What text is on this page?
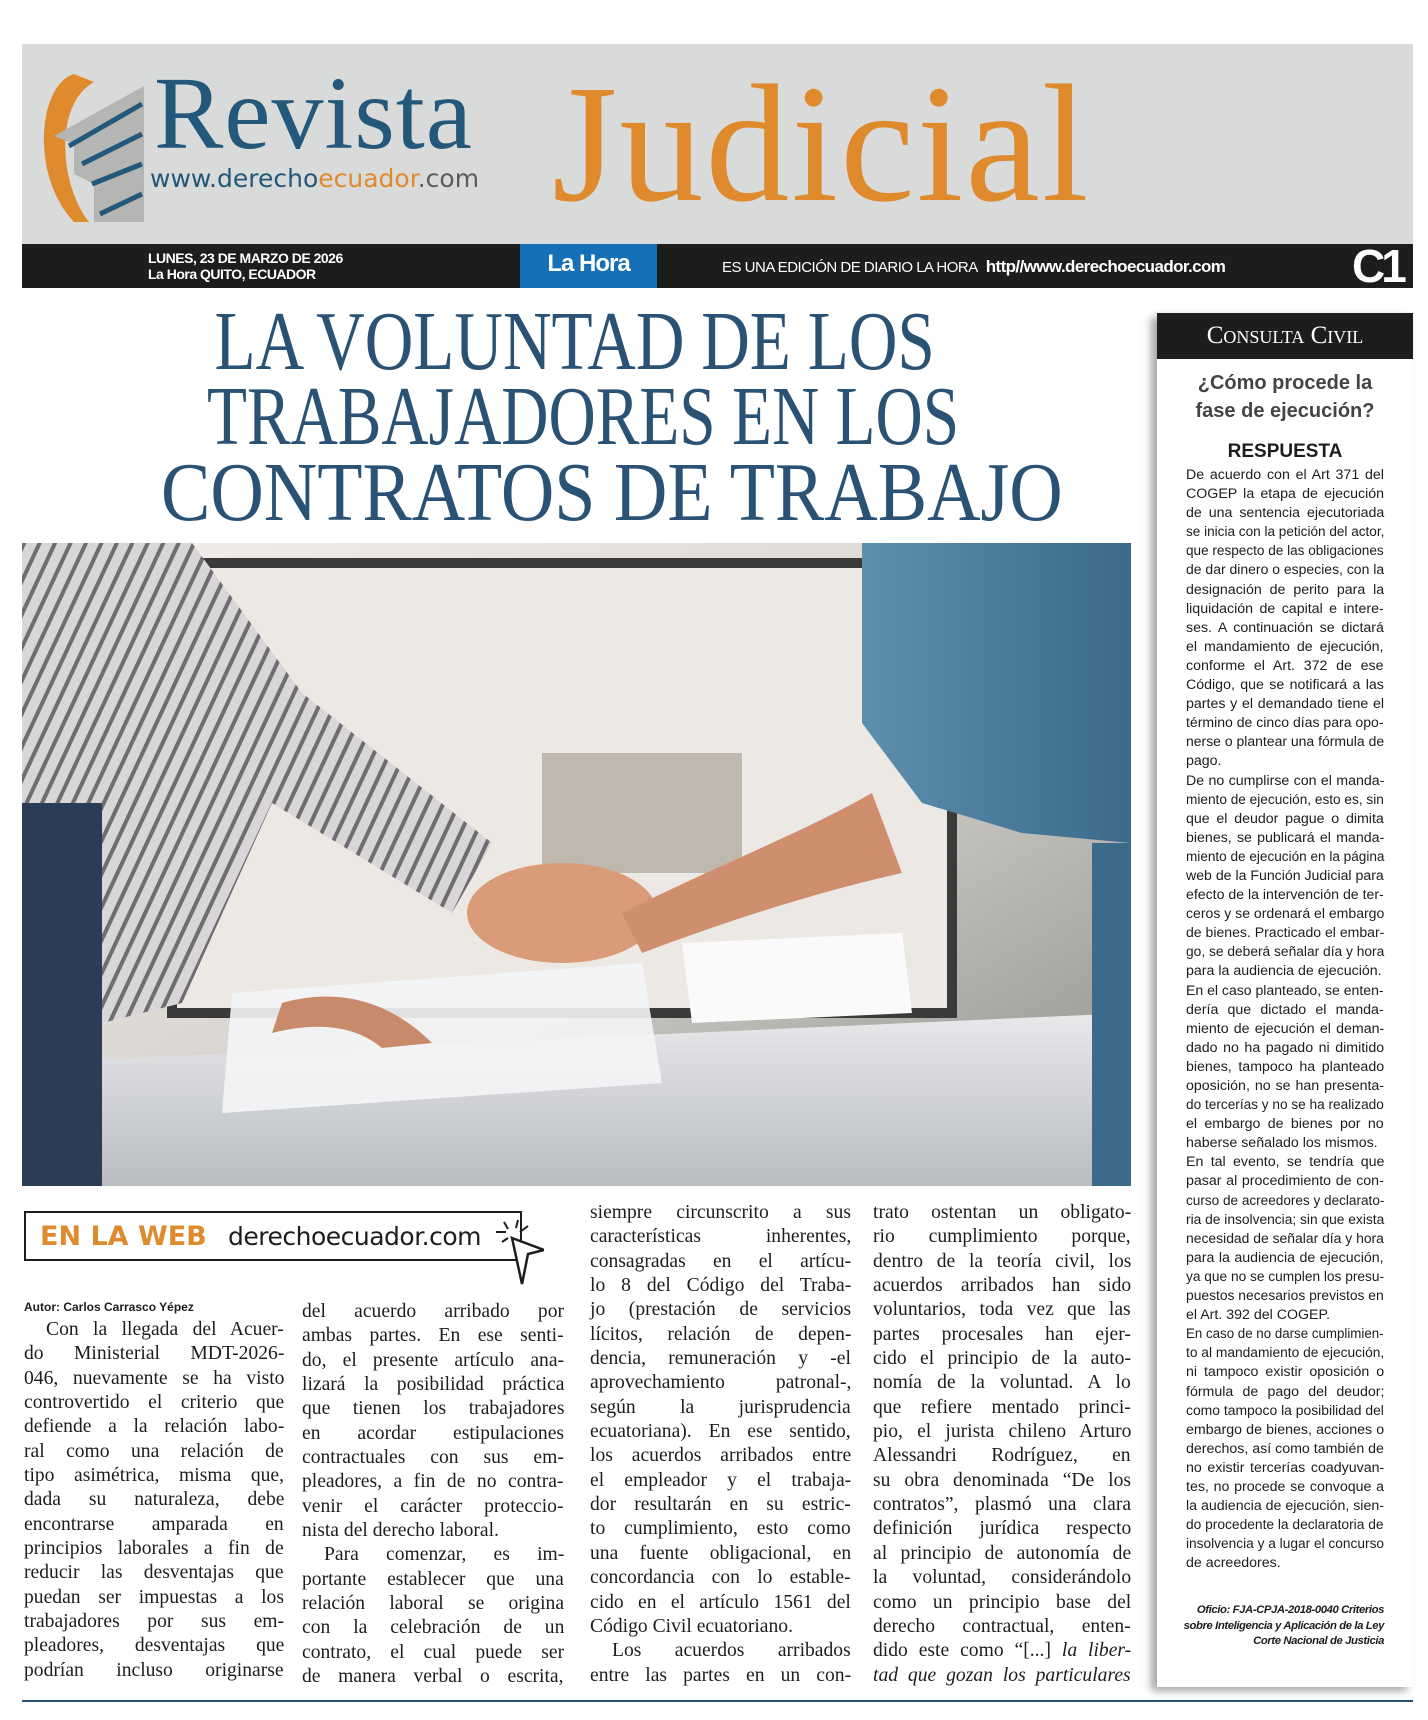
Revista
www.derechoecuador.com Judicial
LUNES, 23 DE MARZO DE 2026
La Hora QUITO, ECUADOR	La Hora	ES UNA EDICIÓN DE DIARIO LA HORA http//www.derechoecuador.com	C1
LA VOLUNTAD DE LOS
TRABAJADORES EN LOS
CONTRATOS DE TRABAJO
EN LA WEB derechoecuador.com
Autor: Carlos Carrasco Yépez
Con la llegada del Acuer-
do Ministerial MDT-2026-
046, nuevamente se ha visto
controvertido el criterio que
defiende a la relación labo-
ral como una relación de
tipo asimétrica, misma que,
dada su naturaleza, debe
encontrarse amparada en
principios laborales a fin de
reducir las desventajas que
puedan ser impuestas a los
trabajadores por sus em-
pleadores, desventajas que
podrían incluso originarse
del acuerdo arribado por
ambas partes. En ese senti-
do, el presente artículo ana-
lizará la posibilidad práctica
que tienen los trabajadores
en acordar estipulaciones
contractuales con sus em-
pleadores, a fin de no contra-
venir el carácter proteccio-
nista del derecho laboral.
Para comenzar, es im-
portante establecer que una
relación laboral se origina
con la celebración de un
contrato, el cual puede ser
de manera verbal o escrita,
siempre circunscrito a sus
características inherentes,
consagradas en el artícu-
lo 8 del Código del Traba-
jo (prestación de servicios
lícitos, relación de depen-
dencia, remuneración y -el
aprovechamiento patronal-,
según la jurisprudencia
ecuatoriana). En ese sentido,
los acuerdos arribados entre
el empleador y el trabaja-
dor resultarán en su estric-
to cumplimiento, esto como
una fuente obligacional, en
concordancia con lo estable-
cido en el artículo 1561 del
Código Civil ecuatoriano.
Los acuerdos arribados
entre las partes en un con-
trato ostentan un obligato-
rio cumplimiento porque,
dentro de la teoría civil, los
acuerdos arribados han sido
voluntarios, toda vez que las
partes procesales han ejer-
cido el principio de la auto-
nomía de la voluntad. A lo
que refiere mentado princi-
pio, el jurista chileno Arturo
Alessandri Rodríguez, en
su obra denominada “De los
contratos”, plasmó una clara
definición jurídica respecto
al principio de autonomía de
la voluntad, considerándolo
como un principio base del
derecho contractual, enten-
dido este como “[...] la liber-
tad que gozan los particulares
Consulta Civil
¿Cómo procede la
fase de ejecución?
RESPUESTA
De acuerdo con el Art 371 del
COGEP la etapa de ejecución
de una sentencia ejecutoriada
se inicia con la petición del actor,
que respecto de las obligaciones
de dar dinero o especies, con la
designación de perito para la
liquidación de capital e intere-
ses. A continuación se dictará
el mandamiento de ejecución,
conforme el Art. 372 de ese
Código, que se notificará a las
partes y el demandado tiene el
término de cinco días para opo-
nerse o plantear una fórmula de
pago.
De no cumplirse con el manda-
miento de ejecución, esto es, sin
que el deudor pague o dimita
bienes, se publicará el manda-
miento de ejecución en la página
web de la Función Judicial para
efecto de la intervención de ter-
ceros y se ordenará el embargo
de bienes. Practicado el embar-
go, se deberá señalar día y hora
para la audiencia de ejecución.
En el caso planteado, se enten-
dería que dictado el manda-
miento de ejecución el deman-
dado no ha pagado ni dimitido
bienes, tampoco ha planteado
oposición, no se han presenta-
do tercerías y no se ha realizado
el embargo de bienes por no
haberse señalado los mismos.
En tal evento, se tendría que
pasar al procedimiento de con-
curso de acreedores y declarato-
ria de insolvencia; sin que exista
necesidad de señalar día y hora
para la audiencia de ejecución,
ya que no se cumplen los presu-
puestos necesarios previstos en
el Art. 392 del COGEP.
En caso de no darse cumplimien-
to al mandamiento de ejecución,
ni tampoco existir oposición o
fórmula de pago del deudor;
como tampoco la posibilidad del
embargo de bienes, acciones o
derechos, así como también de
no existir tercerías coadyuvan-
tes, no procede se convoque a
la audiencia de ejecución, sien-
do procedente la declaratoria de
insolvencia y a lugar el concurso
de acreedores.
Oficio: FJA-CPJA-2018-0040 Criterios
sobre Inteligencia y Aplicación de la Ley
Corte Nacional de Justicia
